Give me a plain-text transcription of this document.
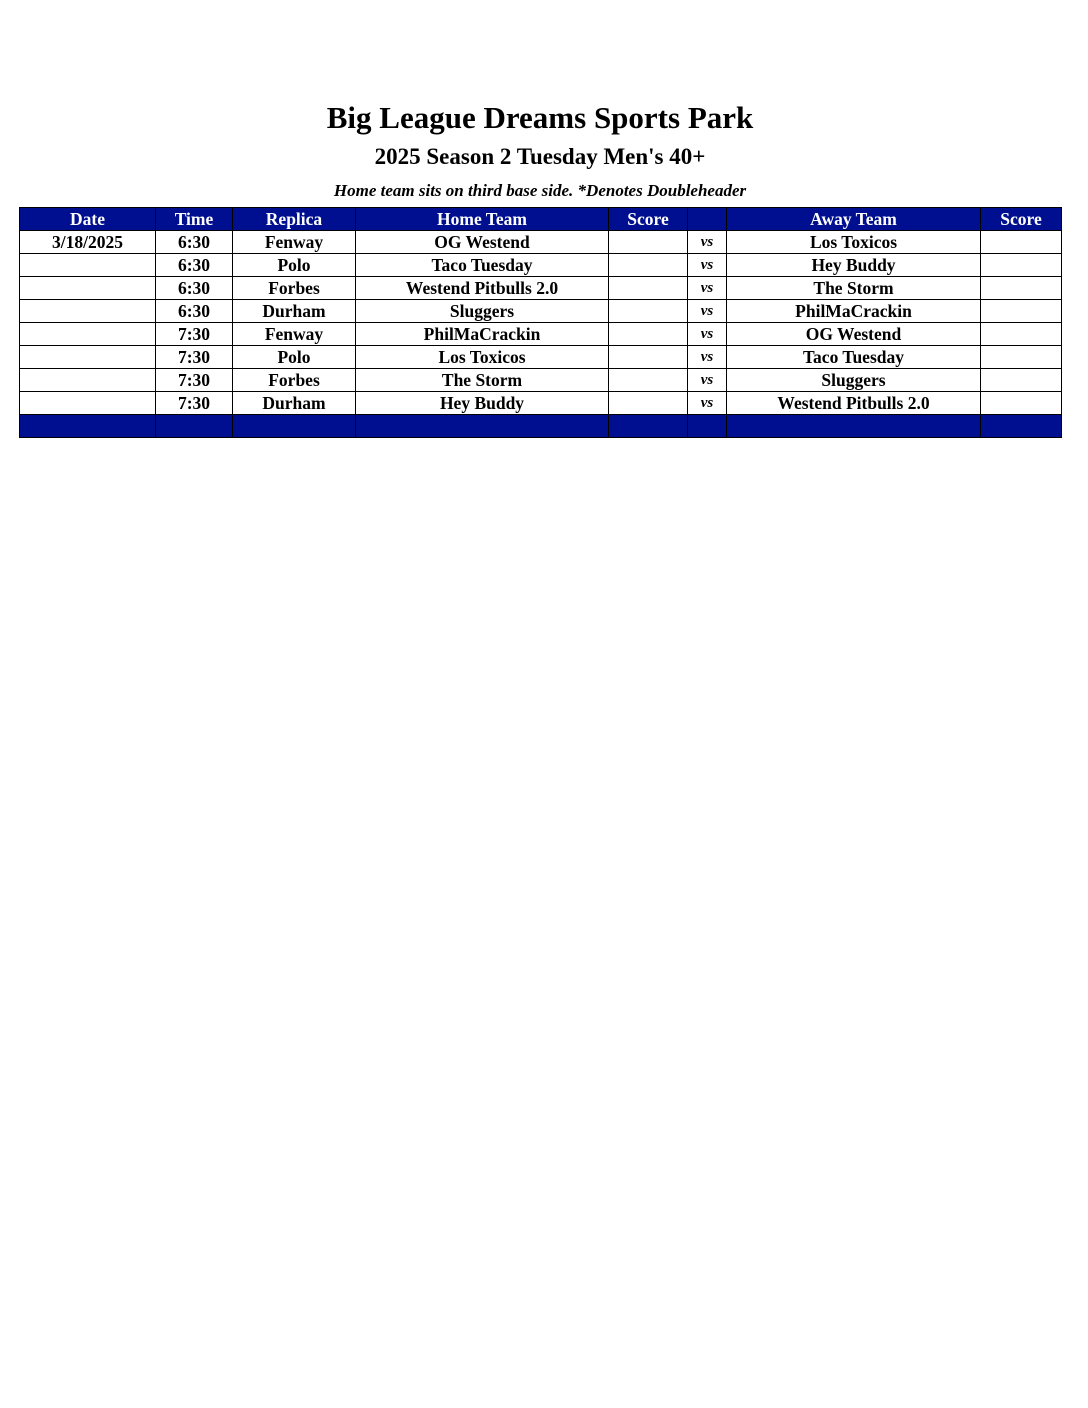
Big League Dreams Sports Park
2025 Season 2 Tuesday Men's 40+
Home team sits on third base side. *Denotes Doubleheader
Date	Time	Replica	Home Team	Score		Away Team	Score
3/18/2025	6:30	Fenway	OG Westend		vs	Los Toxicos	
	6:30	Polo	Taco Tuesday		vs	Hey Buddy	
	6:30	Forbes	Westend Pitbulls 2.0		vs	The Storm	
	6:30	Durham	Sluggers		vs	PhilMaCrackin	
	7:30	Fenway	PhilMaCrackin		vs	OG Westend	
	7:30	Polo	Los Toxicos		vs	Taco Tuesday	
	7:30	Forbes	The Storm		vs	Sluggers	
	7:30	Durham	Hey Buddy		vs	Westend Pitbulls 2.0	
